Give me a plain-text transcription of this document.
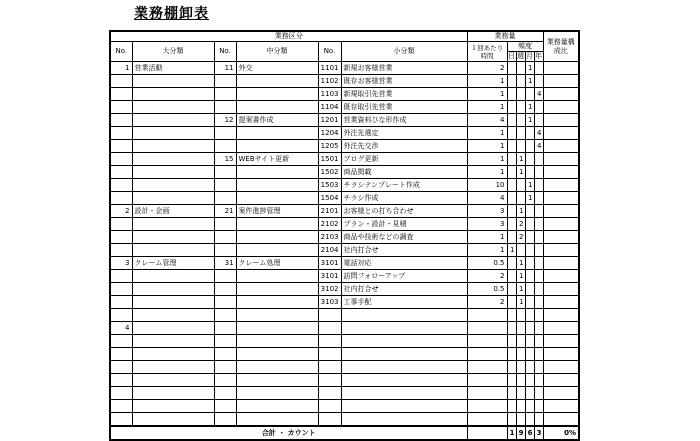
業務棚卸表
業務区分						業務量					業務量構成比
No.	大分類	No.	中分類	No.	小分類	１回あたり時間	頻度				
							日	週	月	年	
1	営業活動	11	外交	1101	新規お客様営業	2			1		
				1102	既存お客様営業	1			1		
				1103	新規取引先営業	1				4	
				1104	既存取引先営業	1			1		
		12	提案書作成	1201	営業資料ひな形作成	4			1		
				1204	外注先選定	1				4	
				1205	外注先交渉	1				4	
		15	WEBサイト更新	1501	ブログ更新	1		1			
				1502	商品掲載	1		1			
				1503	チラシテンプレート作成	10			1		
				1504	チラシ作成	4			1		
2	設計・企画	21	案件進捗管理	2101	お客様との打ち合わせ	3		1			
				2102	プラン・設計・見積	3		2			
				2103	商品や技術などの調査	1		2			
				2104	社内打合せ	1	1				
3	クレーム管理	31	クレーム処理	3101	電話対応	0.5		1			
				3101	訪問フォローアップ	2		1			
				3102	社内打合せ	0.5		1			
				3103	工事手配	2		1			

4											

合計 ・ カウント							1	9	6	3	0%
